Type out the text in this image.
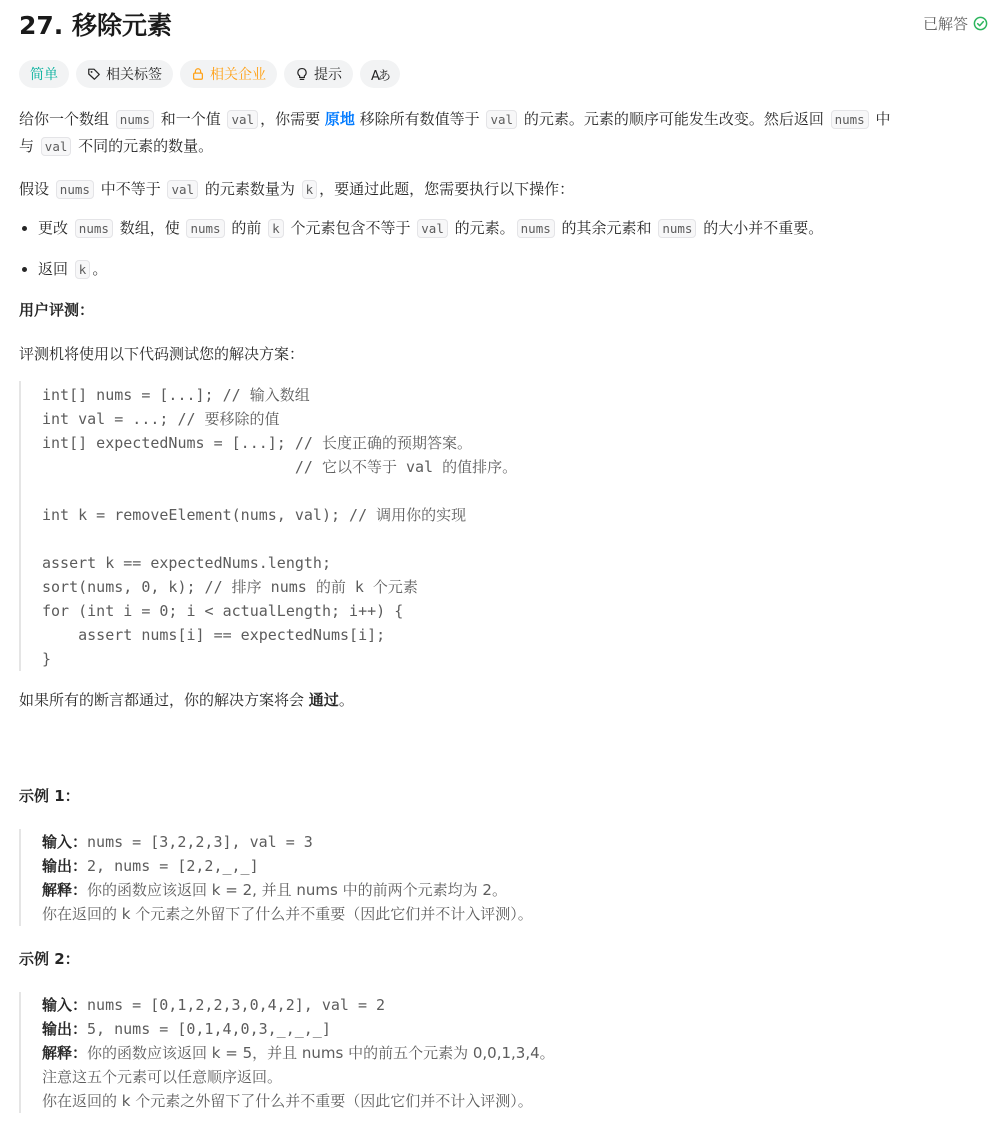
27. 移除元素	已解答
简单	相关标签	相关企业	提示 Aあ

给你一个数组 nums 和一个值 val ，你需要 原地 移除所有数值等于 val 的元素。元素的顺序可能发生改变。然后返回 nums 中
与 val 不同的元素的数量。

假设 nums 中不等于 val 的元素数量为 k ，要通过此题，您需要执行以下操作：

• 更改 nums 数组，使 nums 的前 k 个元素包含不等于 val 的元素。 nums 的其余元素和 nums 的大小并不重要。
• 返回 k 。

用户评测：

评测机将使用以下代码测试您的解决方案：

int[] nums = [...]; // 输入数组
int val = ...; // 要移除的值
int[] expectedNums = [...]; // 长度正确的预期答案。
// 它以不等于 val 的值排序。

int k = removeElement(nums, val); // 调用你的实现

assert k == expectedNums.length;
sort(nums, 0, k); // 排序 nums 的前 k 个元素
for (int i = 0; i < actualLength; i++) {
assert nums[i] == expectedNums[i];
}

如果所有的断言都通过，你的解决方案将会 通过。

示例 1：

输入：nums = [3,2,2,3], val = 3
输出：2, nums = [2,2,_,_]
解释：你的函数应该返回 k = 2, 并且 nums 中的前两个元素均为 2。
你在返回的 k 个元素之外留下了什么并不重要（因此它们并不计入评测）。

示例 2：

输入：nums = [0,1,2,2,3,0,4,2], val = 2
输出：5, nums = [0,1,4,0,3,_,_,_]
解释：你的函数应该返回 k = 5，并且 nums 中的前五个元素为 0,0,1,3,4。
注意这五个元素可以任意顺序返回。
你在返回的 k 个元素之外留下了什么并不重要（因此它们并不计入评测）。
